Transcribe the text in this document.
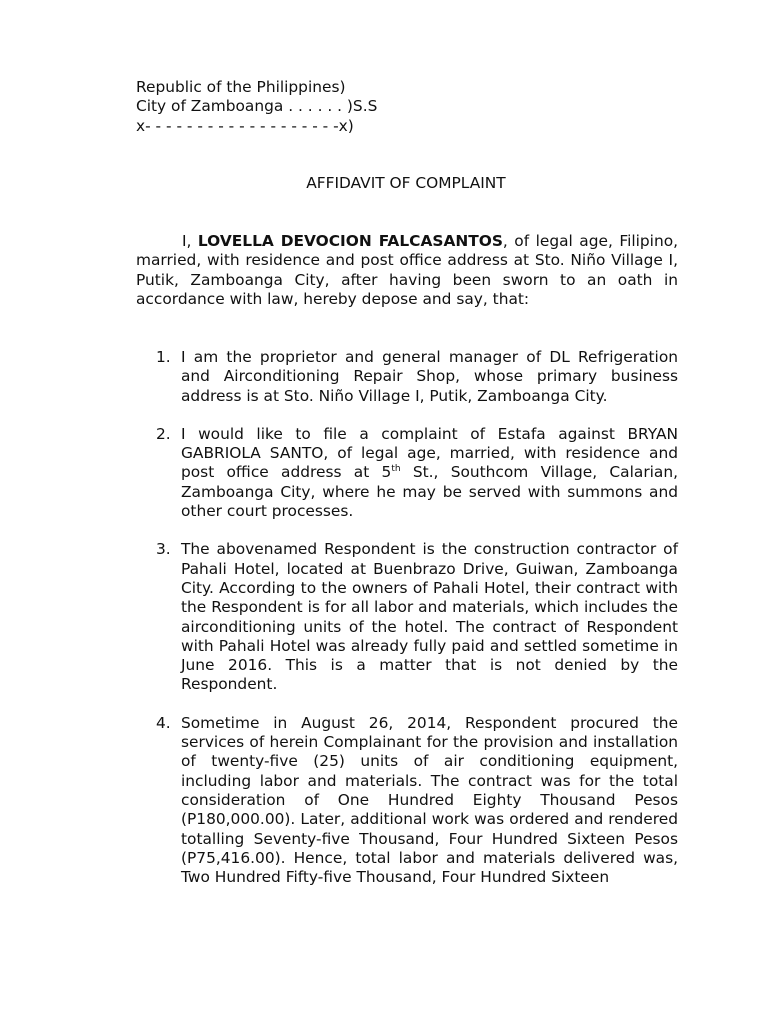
Republic of the Philippines)
City of Zamboanga . . . . . . )S.S
x- - - - - - - - - - - - - - - - - - -x)
AFFIDAVIT OF COMPLAINT
I, LOVELLA DEVOCION FALCASANTOS, of legal age, Filipino, married, with residence and post office address at Sto. Niño Village I, Putik, Zamboanga City, after having been sworn to an oath in accordance with law, hereby depose and say, that:
1. I am the proprietor and general manager of DL Refrigeration and Airconditioning Repair Shop, whose primary business address is at Sto. Niño Village I, Putik, Zamboanga City.
2. I would like to file a complaint of Estafa against BRYAN GABRIOLA SANTO, of legal age, married, with residence and post office address at 5th St., Southcom Village, Calarian, Zamboanga City, where he may be served with summons and other court processes.
3. The abovenamed Respondent is the construction contractor of Pahali Hotel, located at Buenbrazo Drive, Guiwan, Zamboanga City. According to the owners of Pahali Hotel, their contract with the Respondent is for all labor and materials, which includes the airconditioning units of the hotel. The contract of Respondent with Pahali Hotel was already fully paid and settled sometime in June 2016. This is a matter that is not denied by the Respondent.
4. Sometime in August 26, 2014, Respondent procured the services of herein Complainant for the provision and installation of twenty-five (25) units of air conditioning equipment, including labor and materials. The contract was for the total consideration of One Hundred Eighty Thousand Pesos (P180,000.00). Later, additional work was ordered and rendered totalling Seventy-five Thousand, Four Hundred Sixteen Pesos (P75,416.00). Hence, total labor and materials delivered was, Two Hundred Fifty-five Thousand, Four Hundred Sixteen
